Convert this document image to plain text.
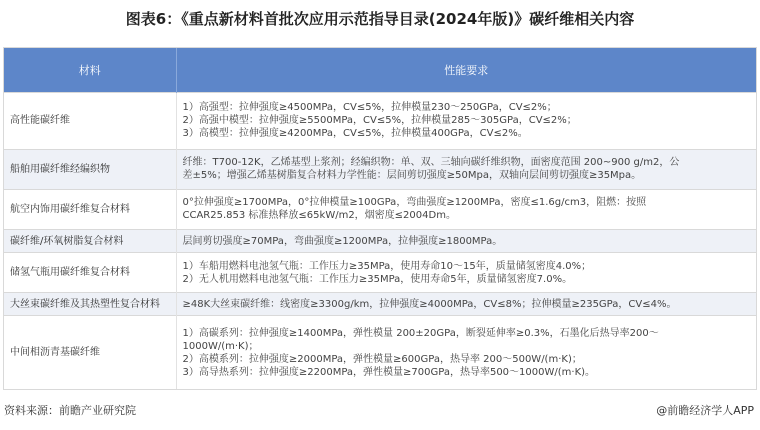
图表6：《重点新材料首批次应用示范指导目录(2024年版)》碳纤维相关内容
材料	性能要求
高性能碳纤维	1）高强型：拉伸强度≥4500MPa，CV≤5%，拉伸模量230～250GPa，CV≤2%；
2）高强中模型：拉伸强度≥5500MPa，CV≤5%，拉伸模量285～305GPa，CV≤2%；
3）高模型：拉伸强度≥4200MPa，CV≤5%，拉伸模量400GPa，CV≤2%。

船舶用碳纤维经编织物	纤维：T700-12K，乙烯基型上浆剂；经编织物：单、双、三轴向碳纤维织物，面密度范围 200~900 g/m2，公
差±5%；增强乙烯基树脂复合材料力学性能：层间剪切强度≥50Mpa，双轴向层间剪切强度≥35Mpa。

航空内饰用碳纤维复合材料	0°拉伸强度≥1700MPa，0°拉伸模量≥100GPa，弯曲强度≥1200MPa，密度≤1.6g/cm3，阻燃：按照
CCAR25.853 标准热释放≤65kW/m2，烟密度≤2004Dm。

碳纤维/环氧树脂复合材料	层间剪切强度≥70MPa，弯曲强度≥1200MPa，拉伸强度≥1800MPa。

储氢气瓶用碳纤维复合材料	1）车船用燃料电池氢气瓶：工作压力≥35MPa，使用寿命10～15年，质量储氢密度4.0%；
2）无人机用燃料电池氢气瓶：工作压力≥35MPa，使用寿命5年，质量储氢密度7.0%。

大丝束碳纤维及其热塑性复合材料	≥48K大丝束碳纤维：线密度≥3300g/km，拉伸强度≥4000MPa，CV≤8%；拉伸模量≥235GPa，CV≤4%。

中间相沥青基碳纤维	1）高碳系列：拉伸强度≥1400MPa，弹性模量 200±20GPa，断裂延伸率≥0.3%，石墨化后热导率200～
1000W/(m·K)；
2）高模系列：拉伸强度≥2000MPa，弹性模量≥600GPa，热导率 200～500W/(m·K)；
3）高导热系列：拉伸强度≥2200MPa，弹性模量≥700GPa，热导率500～1000W/(m·K)。
资料来源：前瞻产业研究院	@前瞻经济学人APP
